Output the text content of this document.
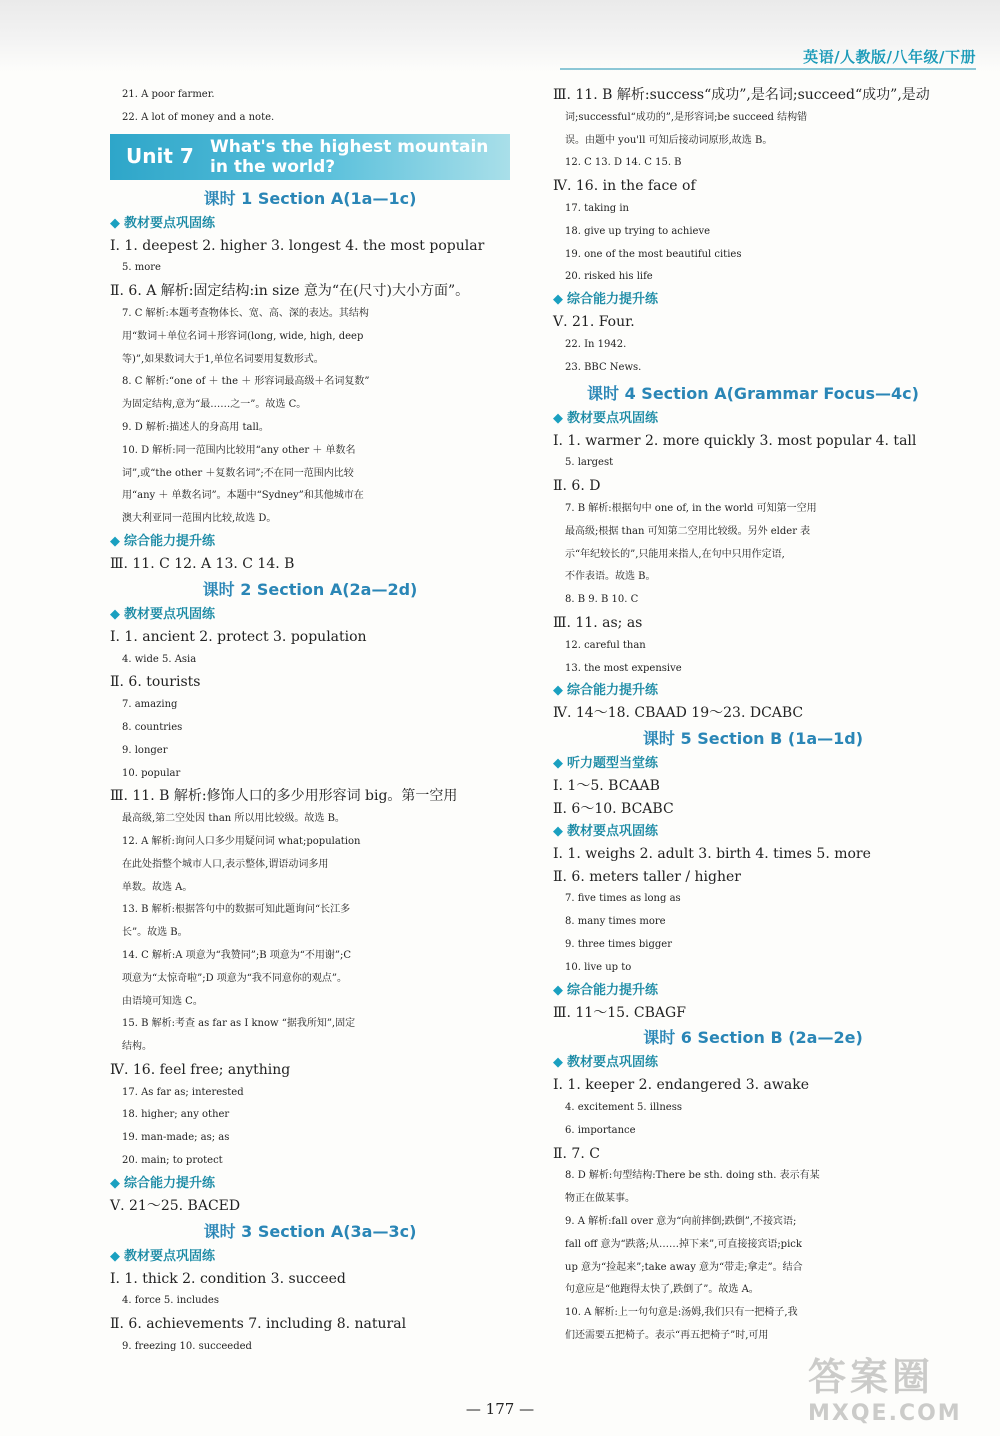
英语/人教版/八年级/下册
21. A poor farmer.
22. A lot of money and a note.
Unit 7 What's the highest mountain in the world?
课时 1 Section A(1a—1c)
◆ 教材要点巩固练
Ⅰ. 1. deepest 2. higher 3. longest 4. the most popular
5. more
Ⅱ. 6. A 解析:固定结构:in size 意为“在(尺寸)大小方面”。
7. C 解析:本题考查物体长、宽、高、深的表达。其结构
用“数词＋单位名词＋形容词(long, wide, high, deep
等)”,如果数词大于1,单位名词要用复数形式。
8. C 解析:“one of ＋ the ＋ 形容词最高级＋名词复数”
为固定结构,意为“最……之一”。故选 C。
9. D 解析:描述人的身高用 tall。
10. D 解析:同一范围内比较用“any other ＋ 单数名
词”,或“the other ＋复数名词”;不在同一范围内比较
用“any ＋ 单数名词”。本题中“Sydney”和其他城市在
澳大利亚同一范围内比较,故选 D。
◆ 综合能力提升练
Ⅲ. 11. C 12. A 13. C 14. B
课时 2 Section A(2a—2d)
◆ 教材要点巩固练
Ⅰ. 1. ancient 2. protect 3. population
4. wide 5. Asia
Ⅱ. 6. tourists
7. amazing
8. countries
9. longer
10. popular
Ⅲ. 11. B 解析:修饰人口的多少用形容词 big。第一空用
最高级,第二空处因 than 所以用比较级。故选 B。
12. A 解析:询问人口多少用疑问词 what;population
在此处指整个城市人口,表示整体,谓语动词多用
单数。故选 A。
13. B 解析:根据答句中的数据可知此题询问“长江多
长”。故选 B。
14. C 解析:A 项意为“我赞同”;B 项意为“不用谢”;C
项意为“太惊奇啦”;D 项意为“我不同意你的观点”。
由语境可知选 C。
15. B 解析:考查 as far as I know “据我所知”,固定
结构。
Ⅳ. 16. feel free; anything
17. As far as; interested
18. higher; any other
19. man-made; as; as
20. main; to protect
◆ 综合能力提升练
Ⅴ. 21～25. BACED
课时 3 Section A(3a—3c)
◆ 教材要点巩固练
Ⅰ. 1. thick 2. condition 3. succeed
4. force 5. includes
Ⅱ. 6. achievements 7. including 8. natural
9. freezing 10. succeeded
Ⅲ. 11. B 解析:success“成功”,是名词;succeed“成功”,是动
词;successful“成功的”,是形容词;be succeed 结构错
误。由题中 you'll 可知后接动词原形,故选 B。
12. C 13. D 14. C 15. B
Ⅳ. 16. in the face of
17. taking in
18. give up trying to achieve
19. one of the most beautiful cities
20. risked his life
◆ 综合能力提升练
Ⅴ. 21. Four.
22. In 1942.
23. BBC News.
课时 4 Section A(Grammar Focus—4c)
◆ 教材要点巩固练
Ⅰ. 1. warmer 2. more quickly 3. most popular 4. tall
5. largest
Ⅱ. 6. D
7. B 解析:根据句中 one of, in the world 可知第一空用
最高级;根据 than 可知第二空用比较级。另外 elder 表
示“年纪较长的”,只能用来指人,在句中只用作定语,
不作表语。故选 B。
8. B 9. B 10. C
Ⅲ. 11. as; as
12. careful than
13. the most expensive
◆ 综合能力提升练
Ⅳ. 14～18. CBAAD 19～23. DCABC
课时 5 Section B (1a—1d)
◆ 听力题型当堂练
Ⅰ. 1～5. BCAAB
Ⅱ. 6～10. BCABC
◆ 教材要点巩固练
Ⅰ. 1. weighs 2. adult 3. birth 4. times 5. more
Ⅱ. 6. meters taller / higher
7. five times as long as
8. many times more
9. three times bigger
10. live up to
◆ 综合能力提升练
Ⅲ. 11～15. CBAGF
课时 6 Section B (2a—2e)
◆ 教材要点巩固练
Ⅰ. 1. keeper 2. endangered 3. awake
4. excitement 5. illness
6. importance
Ⅱ. 7. C
8. D 解析:句型结构:There be sth. doing sth. 表示有某
物正在做某事。
9. A 解析:fall over 意为“向前摔倒;跌倒”,不接宾语;
fall off 意为“跌落;从……掉下来”,可直接接宾语;pick
up 意为“捡起来”;take away 意为“带走;拿走”。结合
句意应是“他跑得太快了,跌倒了”。故选 A。
10. A 解析:上一句句意是:汤姆,我们只有一把椅子,我
们还需要五把椅子。表示“再五把椅子”时,可用
— 177 —
答案圈
MXQE.COM
